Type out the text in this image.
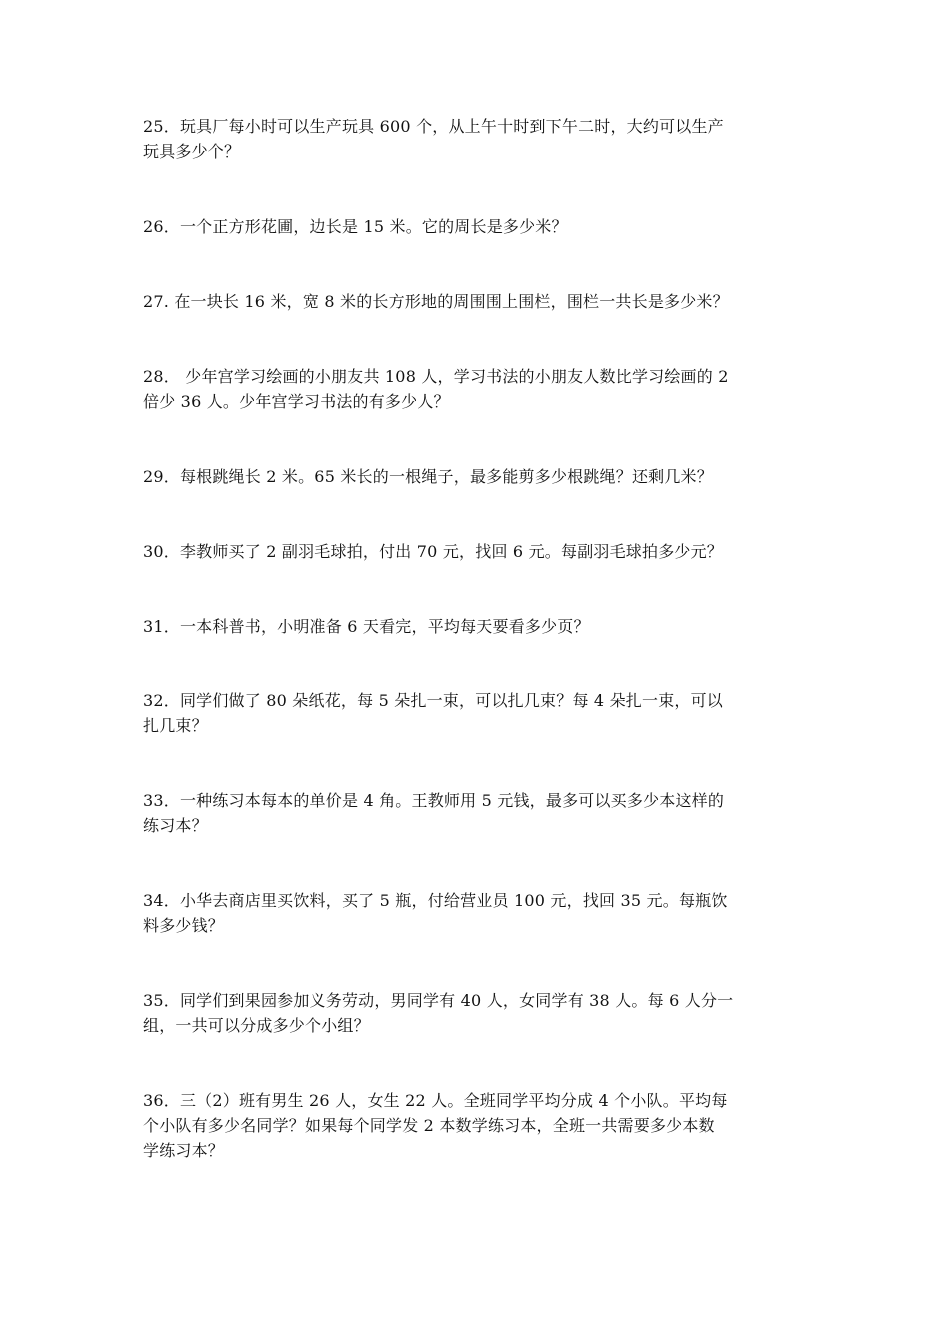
25．玩具厂每小时可以生产玩具 600 个，从上午十时到下午二时，大约可以生产
玩具多少个？
26．一个正方形花圃，边长是 15 米。它的周长是多少米？
27. 在一块长 16 米，宽 8 米的长方形地的周围围上围栏，围栏一共长是多少米？
28． 少年宫学习绘画的小朋友共 108 人，学习书法的小朋友人数比学习绘画的 2
倍少 36 人。少年宫学习书法的有多少人？
29．每根跳绳长 2 米。65 米长的一根绳子，最多能剪多少根跳绳？还剩几米？
30．李教师买了 2 副羽毛球拍，付出 70 元，找回 6 元。每副羽毛球拍多少元？
31．一本科普书，小明准备 6 天看完，平均每天要看多少页？
32．同学们做了 80 朵纸花，每 5 朵扎一束，可以扎几束？每 4 朵扎一束，可以
扎几束？
33．一种练习本每本的单价是 4 角。王教师用 5 元钱，最多可以买多少本这样的
练习本？
34．小华去商店里买饮料，买了 5 瓶，付给营业员 100 元，找回 35 元。每瓶饮
料多少钱？
35．同学们到果园参加义务劳动，男同学有 40 人，女同学有 38 人。每 6 人分一
组，一共可以分成多少个小组？
36．三（2）班有男生 26 人，女生 22 人。全班同学平均分成 4 个小队。平均每
个小队有多少名同学？如果每个同学发 2 本数学练习本，全班一共需要多少本数
学练习本？
